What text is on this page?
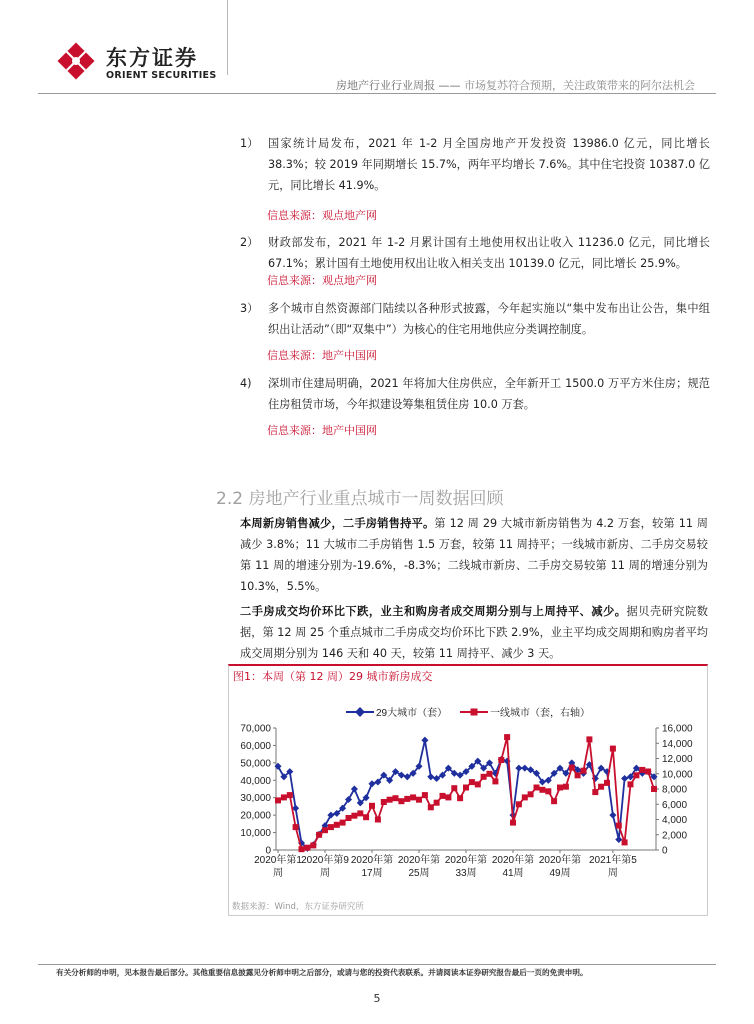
东方证券
ORIENT SECURITIES
房地产行业行业周报 —— 市场复苏符合预期，关注政策带来的阿尔法机会
1） 国家统计局发布，2021 年 1-2 月全国房地产开发投资 13986.0 亿元，同比增长 38.3%；较 2019 年同期增长 15.7%，两年平均增长 7.6%。其中住宅投资 10387.0 亿元，同比增长 41.9%。
信息来源：观点地产网
2） 财政部发布，2021 年 1-2 月累计国有土地使用权出让收入 11236.0 亿元，同比增长 67.1%；累计国有土地使用权出让收入相关支出 10139.0 亿元，同比增长 25.9%。
信息来源：观点地产网
3） 多个城市自然资源部门陆续以各种形式披露，今年起实施以“集中发布出让公告，集中组织出让活动”（即“双集中”）为核心的住宅用地供应分类调控制度。
信息来源：地产中国网
4) 深圳市住建局明确，2021 年将加大住房供应，全年新开工 1500.0 万平方米住房；规范住房租赁市场，今年拟建设筹集租赁住房 10.0 万套。
信息来源：地产中国网
2.2 房地产行业重点城市一周数据回顾
本周新房销售减少，二手房销售持平。第 12 周 29 大城市新房销售为 4.2 万套，较第 11 周减少 3.8%；11 大城市二手房销售 1.5 万套，较第 11 周持平；一线城市新房、二手房交易较第 11 周的增速分别为-19.6%，-8.3%；二线城市新房、二手房交易较第 11 周的增速分别为 10.3%，5.5%。
二手房成交均价环比下跌，业主和购房者成交周期分别与上周持平、减少。据贝壳研究院数据，第 12 周 25 个重点城市二手房成交均价环比下跌 2.9%，业主平均成交周期和购房者平均成交周期分别为 146 天和 40 天，较第 11 周持平、减少 3 天。
图1：本周（第 12 周）29 城市新房成交
29大城市（套）	一线城市（套，右轴）
0
10,000
20,000
30,000
40,000
50,000
60,000
70,000
0
2,000
4,000
6,000
8,000
10,000
12,000
14,000
16,000
2020年第1
周
2020年第9
周
2020年第
17周
2020年第
25周
2020年第
33周
2020年第
41周
2020年第
49周
2021年第5
周
数据来源：Wind，东方证券研究所
有关分析师的申明，见本报告最后部分。其他重要信息披露见分析师申明之后部分，或请与您的投资代表联系。并请阅读本证券研究报告最后一页的免责申明。
5
